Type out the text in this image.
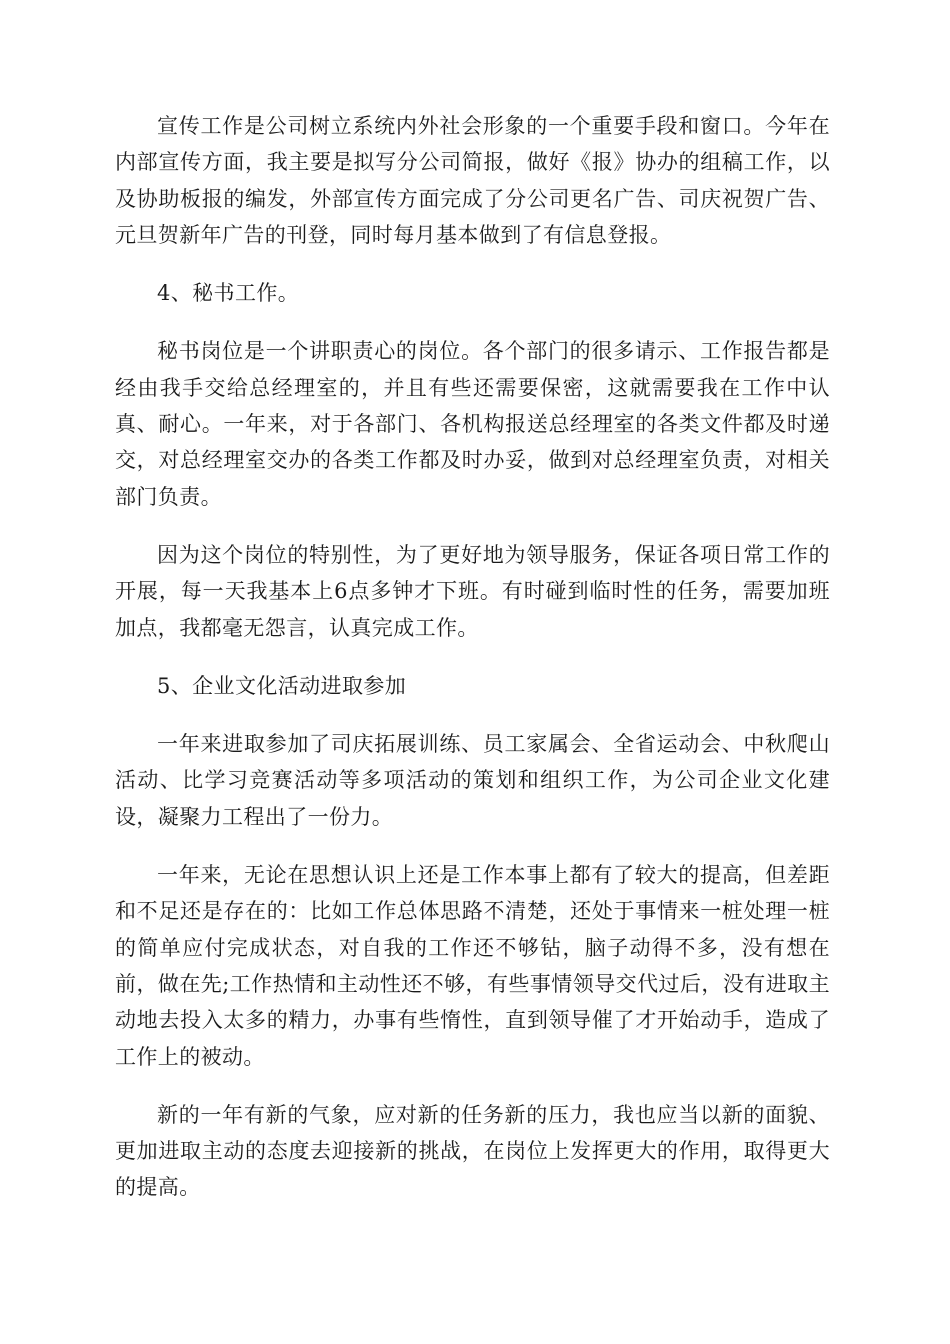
宣传工作是公司树立系统内外社会形象的一个重要手段和窗口。今年在内部宣传方面，我主要是拟写分公司简报，做好《报》协办的组稿工作，以及协助板报的编发，外部宣传方面完成了分公司更名广告、司庆祝贺广告、元旦贺新年广告的刊登，同时每月基本做到了有信息登报。

4、秘书工作。

秘书岗位是一个讲职责心的岗位。各个部门的很多请示、工作报告都是经由我手交给总经理室的，并且有些还需要保密，这就需要我在工作中认真、耐心。一年来，对于各部门、各机构报送总经理室的各类文件都及时递交，对总经理室交办的各类工作都及时办妥，做到对总经理室负责，对相关部门负责。

因为这个岗位的特别性，为了更好地为领导服务，保证各项日常工作的开展，每一天我基本上6点多钟才下班。有时碰到临时性的任务，需要加班加点，我都毫无怨言，认真完成工作。

5、企业文化活动进取参加

一年来进取参加了司庆拓展训练、员工家属会、全省运动会、中秋爬山活动、比学习竞赛活动等多项活动的策划和组织工作，为公司企业文化建设，凝聚力工程出了一份力。

一年来，无论在思想认识上还是工作本事上都有了较大的提高，但差距和不足还是存在的：比如工作总体思路不清楚，还处于事情来一桩处理一桩的简单应付完成状态，对自我的工作还不够钻，脑子动得不多，没有想在前，做在先;工作热情和主动性还不够，有些事情领导交代过后，没有进取主动地去投入太多的精力，办事有些惰性，直到领导催了才开始动手，造成了工作上的被动。

新的一年有新的气象，应对新的任务新的压力，我也应当以新的面貌、更加进取主动的态度去迎接新的挑战，在岗位上发挥更大的作用，取得更大的提高。
